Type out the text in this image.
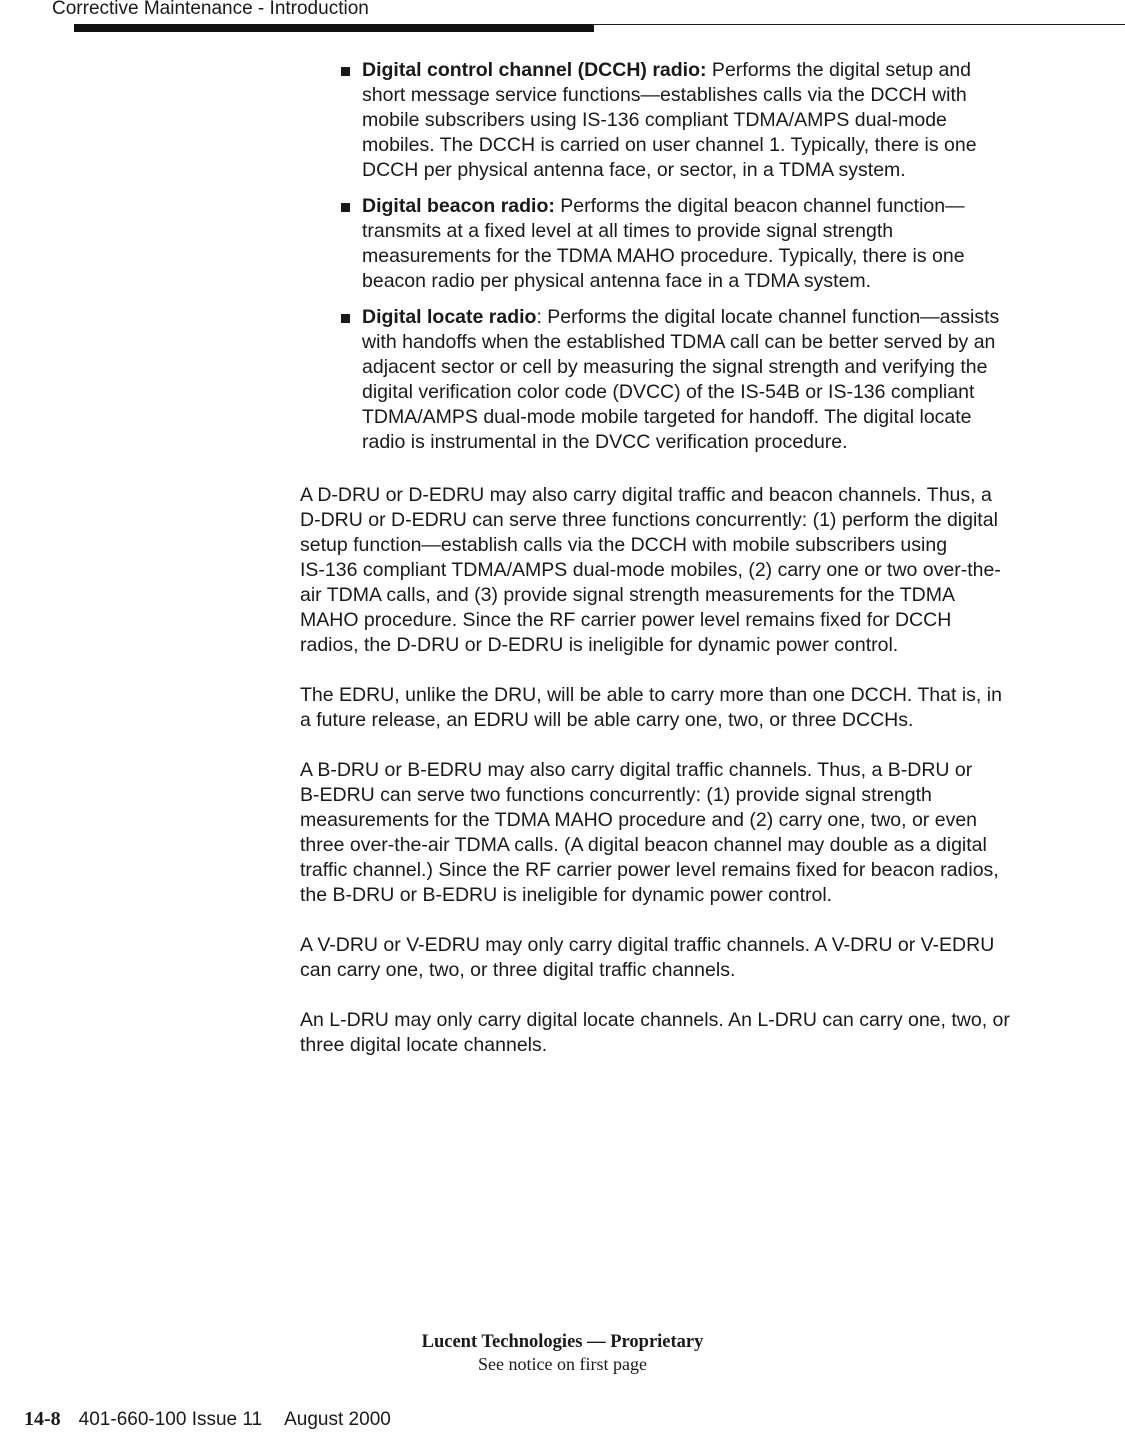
Corrective Maintenance - Introduction
Digital control channel (DCCH) radio: Performs the digital setup and
short message service functions—establishes calls via the DCCH with
mobile subscribers using IS-136 compliant TDMA/AMPS dual-mode
mobiles. The DCCH is carried on user channel 1. Typically, there is one
DCCH per physical antenna face, or sector, in a TDMA system.
Digital beacon radio: Performs the digital beacon channel function—
transmits at a fixed level at all times to provide signal strength
measurements for the TDMA MAHO procedure. Typically, there is one
beacon radio per physical antenna face in a TDMA system.
Digital locate radio: Performs the digital locate channel function—assists
with handoffs when the established TDMA call can be better served by an
adjacent sector or cell by measuring the signal strength and verifying the
digital verification color code (DVCC) of the IS-54B or IS-136 compliant
TDMA/AMPS dual-mode mobile targeted for handoff. The digital locate
radio is instrumental in the DVCC verification procedure.

A D-DRU or D-EDRU may also carry digital traffic and beacon channels. Thus, a
D-DRU or D-EDRU can serve three functions concurrently: (1) perform the digital
setup function—establish calls via the DCCH with mobile subscribers using
IS-136 compliant TDMA/AMPS dual-mode mobiles, (2) carry one or two over-the-
air TDMA calls, and (3) provide signal strength measurements for the TDMA
MAHO procedure. Since the RF carrier power level remains fixed for DCCH
radios, the D-DRU or D-EDRU is ineligible for dynamic power control.

The EDRU, unlike the DRU, will be able to carry more than one DCCH. That is, in
a future release, an EDRU will be able carry one, two, or three DCCHs.

A B-DRU or B-EDRU may also carry digital traffic channels. Thus, a B-DRU or
B-EDRU can serve two functions concurrently: (1) provide signal strength
measurements for the TDMA MAHO procedure and (2) carry one, two, or even
three over-the-air TDMA calls. (A digital beacon channel may double as a digital
traffic channel.) Since the RF carrier power level remains fixed for beacon radios,
the B-DRU or B-EDRU is ineligible for dynamic power control.

A V-DRU or V-EDRU may only carry digital traffic channels. A V-DRU or V-EDRU
can carry one, two, or three digital traffic channels.

An L-DRU may only carry digital locate channels. An L-DRU can carry one, two, or
three digital locate channels.

Lucent Technologies — Proprietary
See notice on first page
14-8 401-660-100 Issue 11 August 2000
